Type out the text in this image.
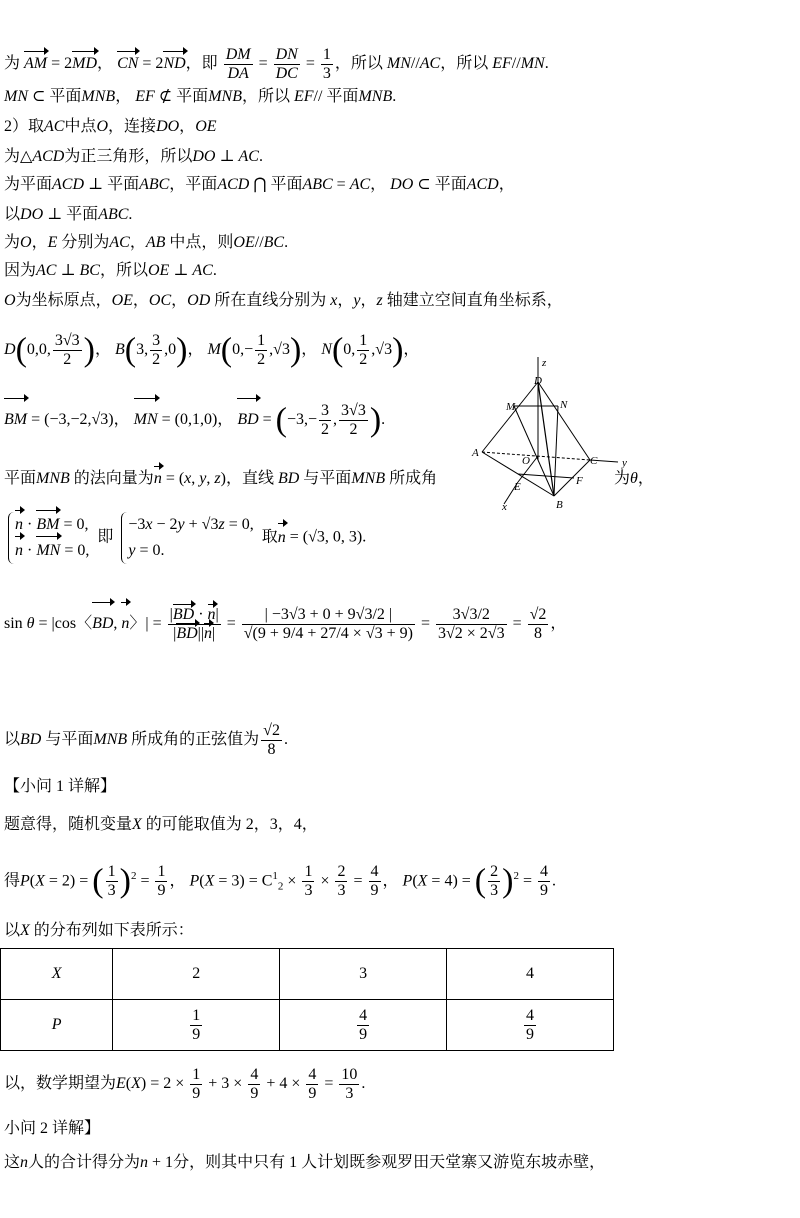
为 AM = 2MD， CN = 2ND，即 $\frac{DM}{DA} = \frac{DN}{DC} = \frac{1}{3}$ ，所以 MN//AC，所以 EF//MN.
MN ⊂ 平面MNB， EF ⊄ 平面MNB，所以 EF// 平面MNB.
2）取AC中点O，连接DO，OE
为△ACD为正三角形，所以DO ⊥ AC.
为平面ACD ⊥ 平面ABC，平面ACD ⋂ 平面ABC = AC， DO ⊂ 平面ACD，
以DO ⊥ 平面ABC.
为O，E 分别为AC，AB 中点，则OE//BC.
因为AC ⊥ BC，所以OE ⊥ AC.
O为坐标原点，OE，OC，OD 所在直线分别为 x，y，z 轴建立空间直角坐标系，
D(0,0, $\frac{3√3}{2}$ )， B(3, $\frac{3}{2} ,0$)， $M(0,- \frac{1}{2} ,√3)$， N(0, $\frac{1}{2} ,√3$)，
BM = (−3,−2,√3)， MN = (0,1,0)， BD = ($-3,- \frac{3}{2}$ , $\frac{3√3}{2}$ ).
z
D
M	N
A
O	C y
E	F
B
x
平面MNB 的法向量为n = (x, y, z)，直线 BD 与平面MNB 所成角	为θ，
n · BM = 0,
n · MN = 0, 即 −3x − 2y + √3z = 0,
y = 0. 取n = (√3, 0, 3).
sin θ = |cos〈BD, n〉| = $\frac{|BD \cdot n|}{|BD||n|} = \frac{| -3√3 + 0 + 9√3/2 |}{√(9 + 9/4 + 27/4 \times √3 + 9)} = \frac{3√3/2}{3√2 \times 2√3} = \frac{√2}{8}$ ，
以BD 与平面MNB 所成角的正弦值为 $\frac{√2}{8}$ .
【小问 1 详解】
题意得，随机变量X 的可能取值为 2，3，4，
得P(X = 2) = ( $\frac{1}{3} )^2 = \frac{1}{9}$ ， $P(X = 3) = C^1_2 \times \frac{1}{3} \times \frac{2}{3} = \frac{4}{9}$ ， P(X = 4) = ( $\frac{2}{3} )^2 = \frac{4}{9}$ .
以X 的分布列如下表所示：
X	2	3	4
P	$\frac{1}{9}$	$\frac{4}{9}$	$\frac{4}{9}$
以，数学期望为$E(X) = 2 \times \frac{1}{9} + 3 \times \frac{4}{9} + 4 \times \frac{4}{9} = \frac{10}{3}$ .
小问 2 详解】
这n人的合计得分为n + 1分，则其中只有 1 人计划既参观罗田天堂寨又游览东坡赤壁，
